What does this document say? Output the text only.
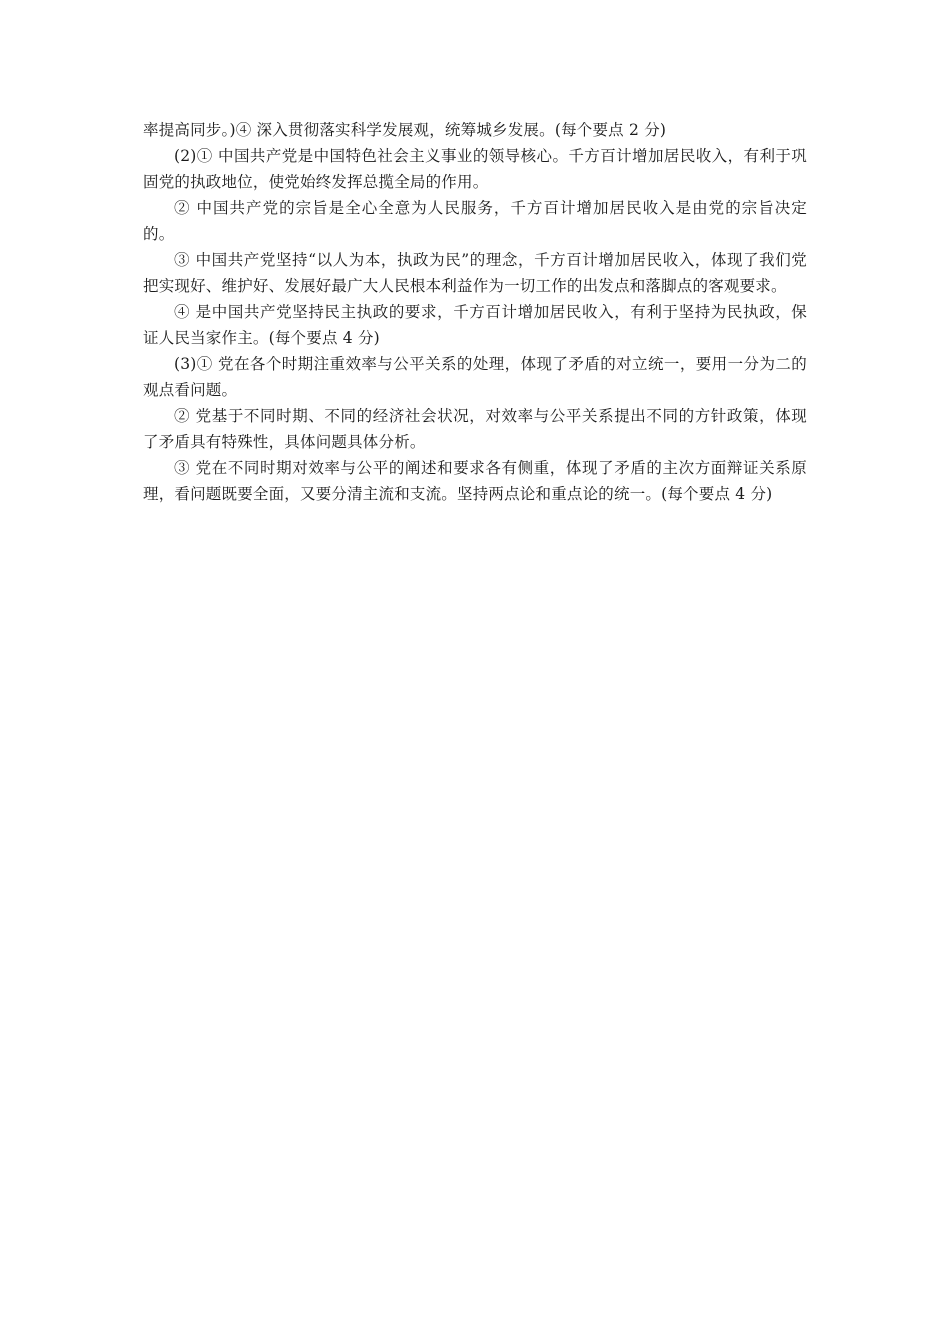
率提高同步。)④ 深入贯彻落实科学发展观，统筹城乡发展。(每个要点 2 分)

(2)① 中国共产党是中国特色社会主义事业的领导核心。千方百计增加居民收入，有利于巩固党的执政地位，使党始终发挥总揽全局的作用。

② 中国共产党的宗旨是全心全意为人民服务，千方百计增加居民收入是由党的宗旨决定的。

③ 中国共产党坚持“以人为本，执政为民”的理念，千方百计增加居民收入，体现了我们党把实现好、维护好、发展好最广大人民根本利益作为一切工作的出发点和落脚点的客观要求。

④ 是中国共产党坚持民主执政的要求，千方百计增加居民收入，有利于坚持为民执政，保证人民当家作主。(每个要点 4 分)

(3)① 党在各个时期注重效率与公平关系的处理，体现了矛盾的对立统一，要用一分为二的观点看问题。

② 党基于不同时期、不同的经济社会状况，对效率与公平关系提出不同的方针政策，体现了矛盾具有特殊性，具体问题具体分析。

③ 党在不同时期对效率与公平的阐述和要求各有侧重，体现了矛盾的主次方面辩证关系原理，看问题既要全面，又要分清主流和支流。坚持两点论和重点论的统一。(每个要点 4 分)
